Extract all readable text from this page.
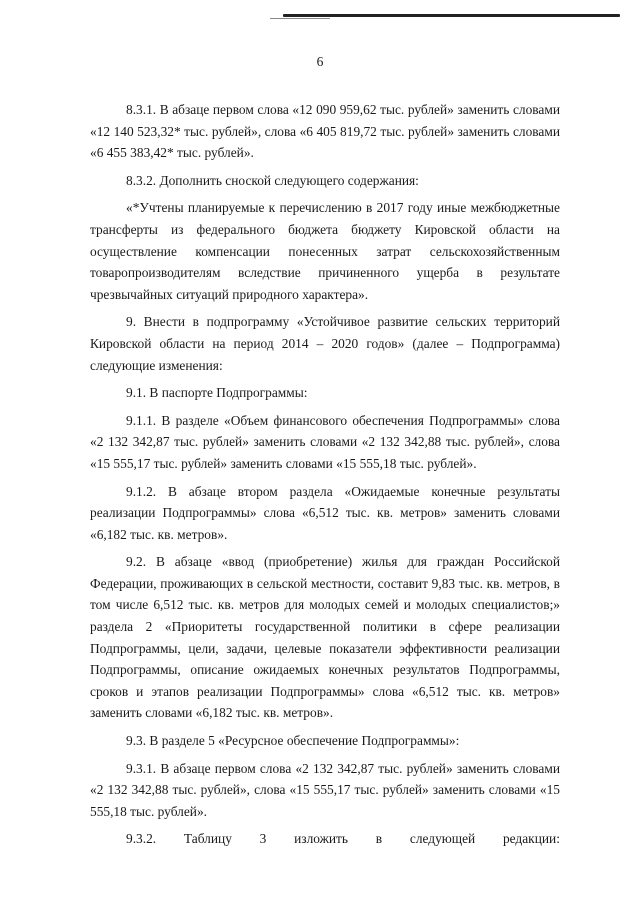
6

8.3.1. В абзаце первом слова «12 090 959,62 тыс. рублей» заменить словами «12 140 523,32* тыс. рублей», слова «6 405 819,72 тыс. рублей» заменить словами «6 455 383,42* тыс. рублей».

8.3.2. Дополнить сноской следующего содержания:

«*Учтены планируемые к перечислению в 2017 году иные межбюджетные трансферты из федерального бюджета бюджету Кировской области на осуществление компенсации понесенных затрат сельскохозяйственным товаропроизводителям вследствие причиненного ущерба в результате чрезвычайных ситуаций природного характера».

9. Внести в подпрограмму «Устойчивое развитие сельских территорий Кировской области на период 2014 – 2020 годов» (далее – Подпрограмма) следующие изменения:

9.1. В паспорте Подпрограммы:

9.1.1. В разделе «Объем финансового обеспечения Подпрограммы» слова «2 132 342,87 тыс. рублей» заменить словами «2 132 342,88 тыс. рублей», слова «15 555,17 тыс. рублей» заменить словами «15 555,18 тыс. рублей».

9.1.2. В абзаце втором раздела «Ожидаемые конечные результаты реализации Подпрограммы» слова «6,512 тыс. кв. метров» заменить словами «6,182 тыс. кв. метров».

9.2. В абзаце «ввод (приобретение) жилья для граждан Российской Федерации, проживающих в сельской местности, составит 9,83 тыс. кв. метров, в том числе 6,512 тыс. кв. метров для молодых семей и молодых специалистов;» раздела 2 «Приоритеты государственной политики в сфере реализации Подпрограммы, цели, задачи, целевые показатели эффективности реализации Подпрограммы, описание ожидаемых конечных результатов Подпрограммы, сроков и этапов реализации Подпрограммы» слова «6,512 тыс. кв. метров» заменить словами «6,182 тыс. кв. метров».

9.3. В разделе 5 «Ресурсное обеспечение Подпрограммы»:

9.3.1. В абзаце первом слова «2 132 342,87 тыс. рублей» заменить словами «2 132 342,88 тыс. рублей», слова «15 555,17 тыс. рублей» заменить словами «15 555,18 тыс. рублей».

9.3.2. Таблицу 3 изложить в следующей редакции:
